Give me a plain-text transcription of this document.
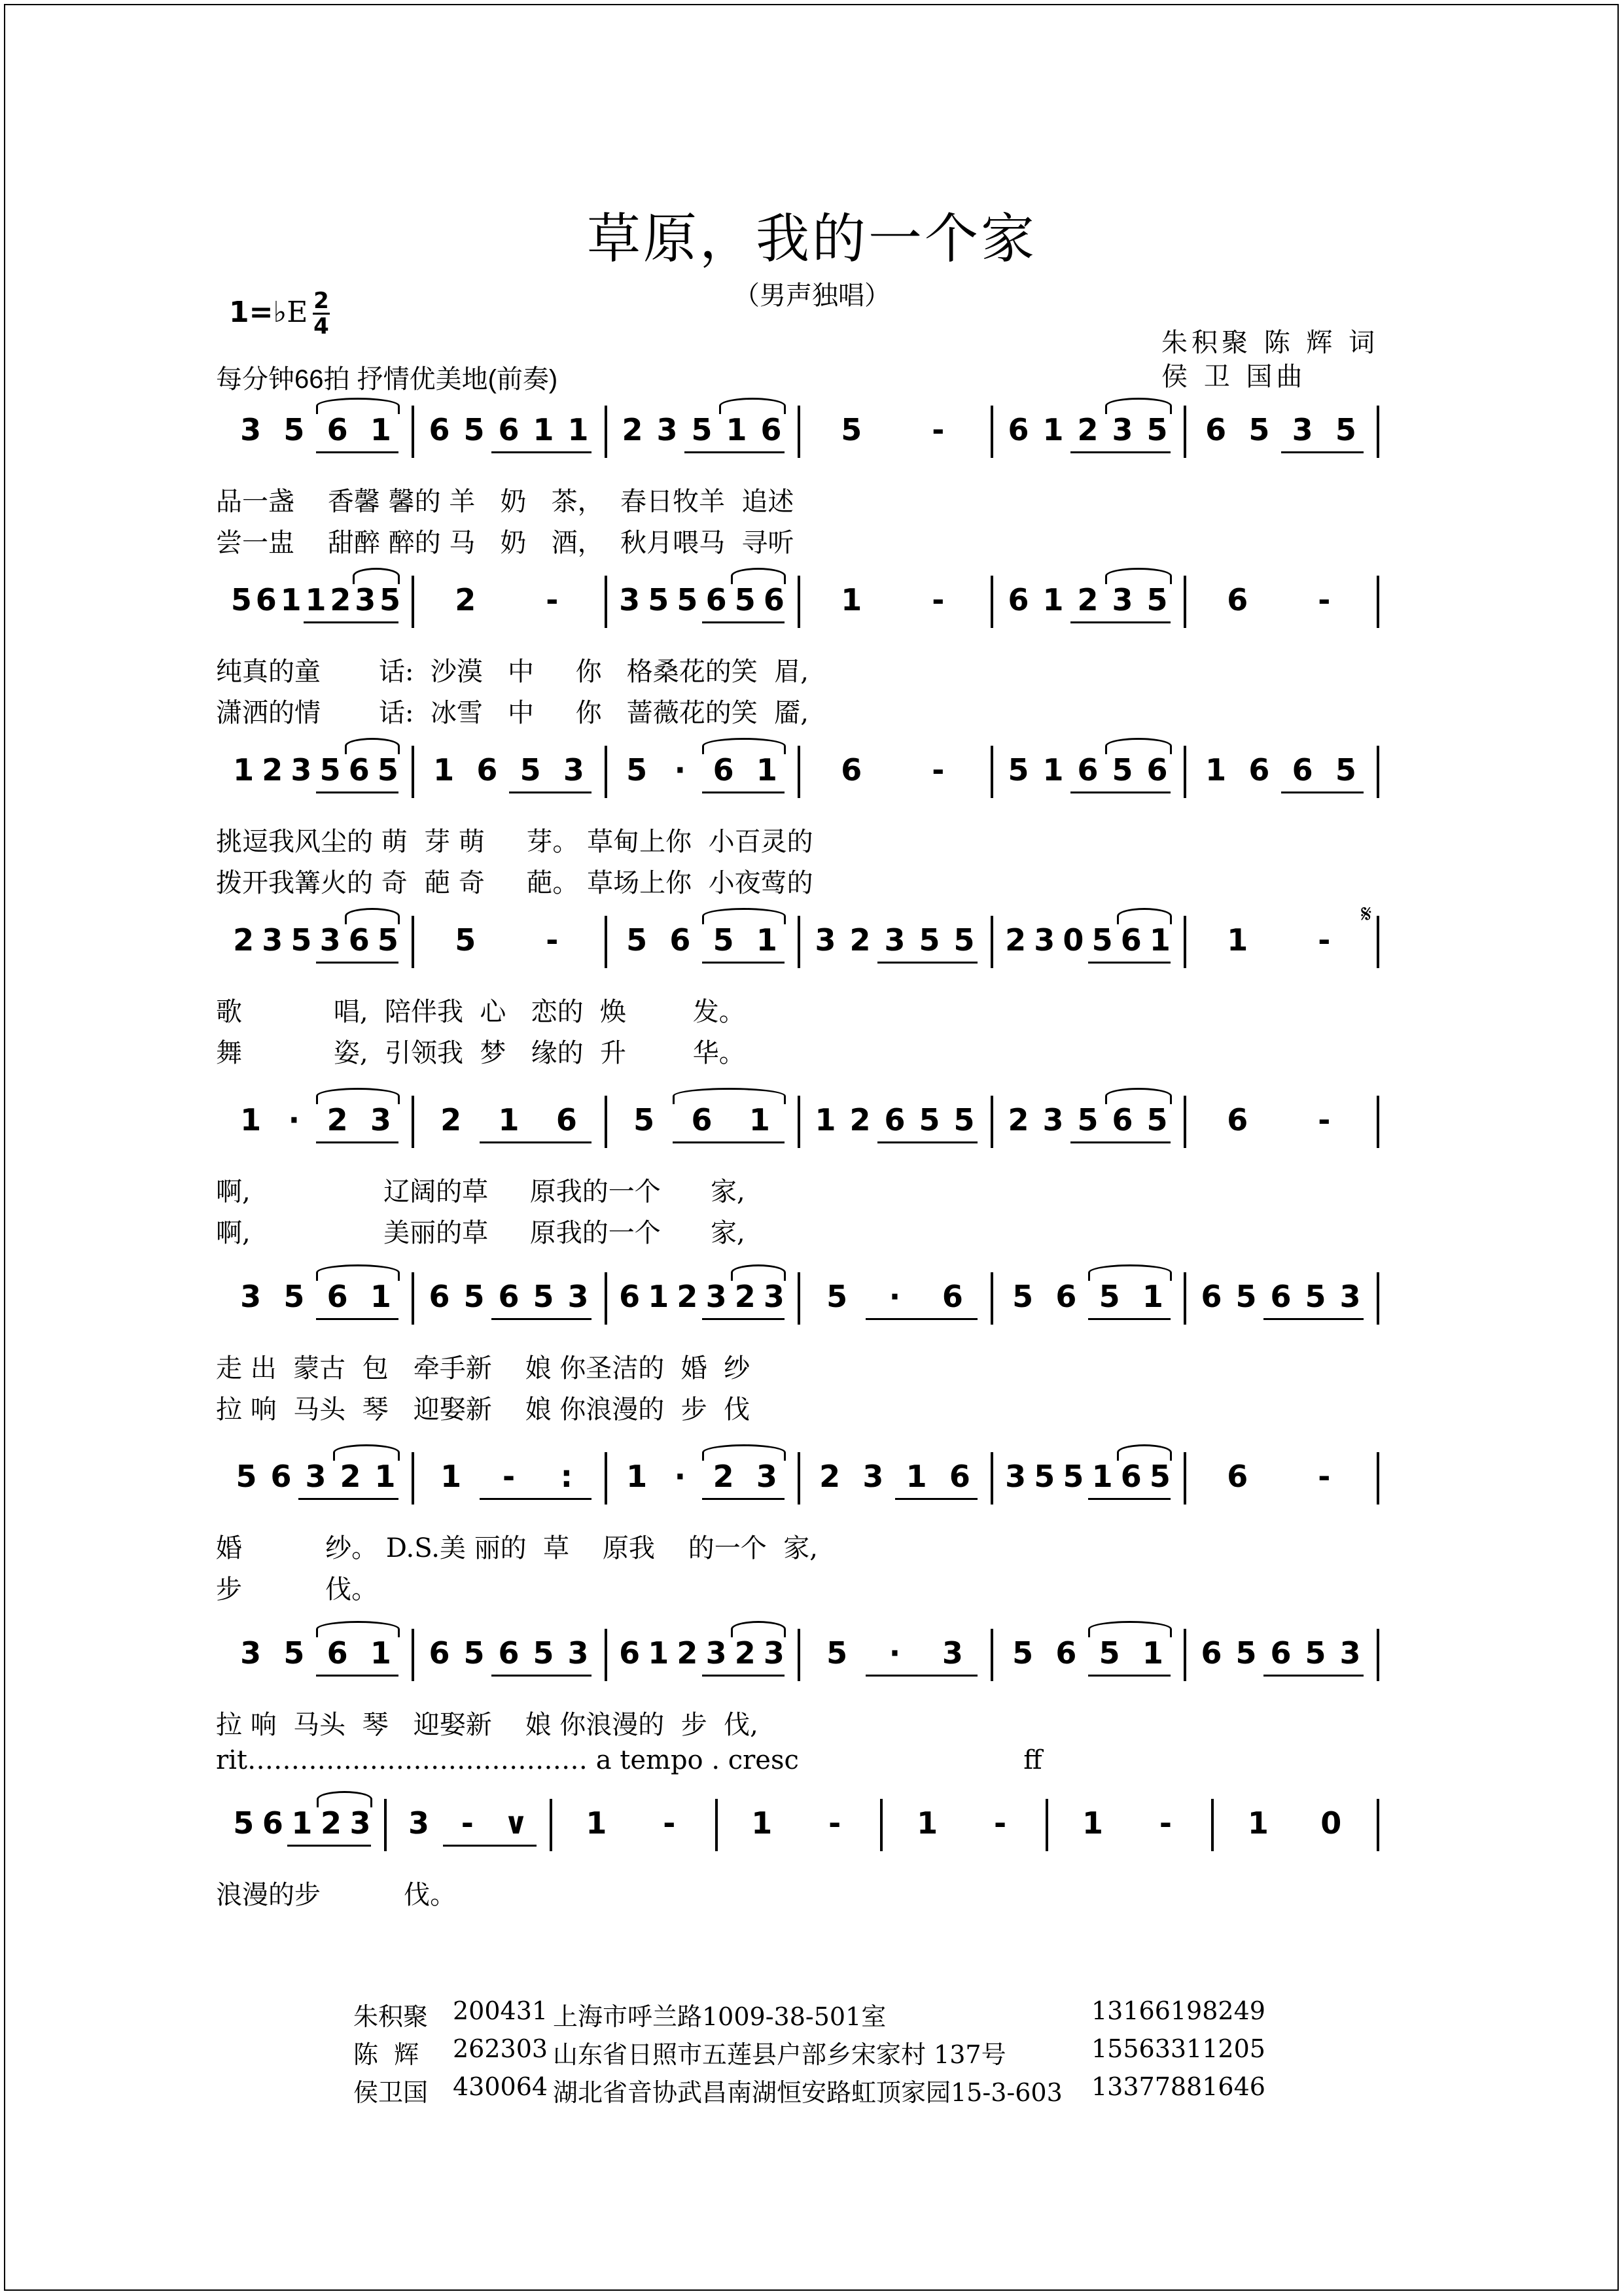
草原，我的一个家
（男声独唱）
1=♭E $\frac{2}{4}$
每分钟66拍 抒情优美地(前奏)
朱积聚 陈 辉 词
侯 卫 国曲
3 5 6 1	6 5 6 1 1 2 3 5 1 6	5	-	6 1 2 3 5	6 5 3 5
品一盏    香馨 馨的 羊   奶   茶，  春日牧羊  追述
尝一盅    甜醉 醉的 马   奶   酒，  秋月喂马  寻听
5 6 1 1 2 3 5	2	-	3 5 5 6 5 6	1	-	6 1 2 3 5	6	-
纯真的童       话:  沙漠   中     你   格桑花的笑  眉,
潇洒的情       话:  冰雪   中     你   蔷薇花的笑  靥,
1 2 3 5 6 5	1 6 5 3	5 · 6 1	6	-	5 1 6 5 6	1 6 6 5
挑逗我风尘的 萌  芽 萌     芽。 草甸上你  小百灵的
拨开我篝火的 奇  葩 奇     葩。 草场上你  小夜莺的
2 3 5 3 6 5	5	-	5 6 5 1	3 2 3 5 5 2 3 0 5 6 1	1	-
歌           唱,  陪伴我  心   恋的  焕        发。
舞           姿,  引领我  梦   缘的  升        华。
1 · 2 3	2	1	6	5	6	1	1 2 6 5 5 2 3 5 6 5	6	-
啊,                辽阔的草     原我的一个      家,
啊,                美丽的草     原我的一个      家,
3 5 6 1	6 5 6 5 3 6 1 2 3 2 3	5	·	6	5 6 5 1	6 5 6 5 3
走 出  蒙古  包   牵手新    娘 你圣洁的  婚  纱
拉 响  马头  琴   迎娶新    娘 你浪漫的  步  伐
5 6 3 2 1	1	-	:	1 · 2 3	2 3 1 6	3 5 5 1 6 5	6	-
婚          纱。 D.S.美 丽的  草    原我    的一个  家,
步          伐。
3 5 6 1	6 5 6 5 3 6 1 2 3 2 3	5	·	3	5 6 5 1	6 5 6 5 3
拉 响  马头  琴   迎娶新    娘 你浪漫的  步  伐,
rit………………………………… a tempo . cresc                           ff
5 6 1 2 3	3	-	∨	1	-	1	-	1	-	1	-	1	0
浪漫的步          伐。
𝄋
朱积聚 200431 上海市呼兰路1009-38-501室	13166198249
陈  辉 262303 山东省日照市五莲县户部乡宋家村 137号	15563311205
侯卫国 430064 湖北省音协武昌南湖恒安路虹顶家园15-3-603 13377881646
